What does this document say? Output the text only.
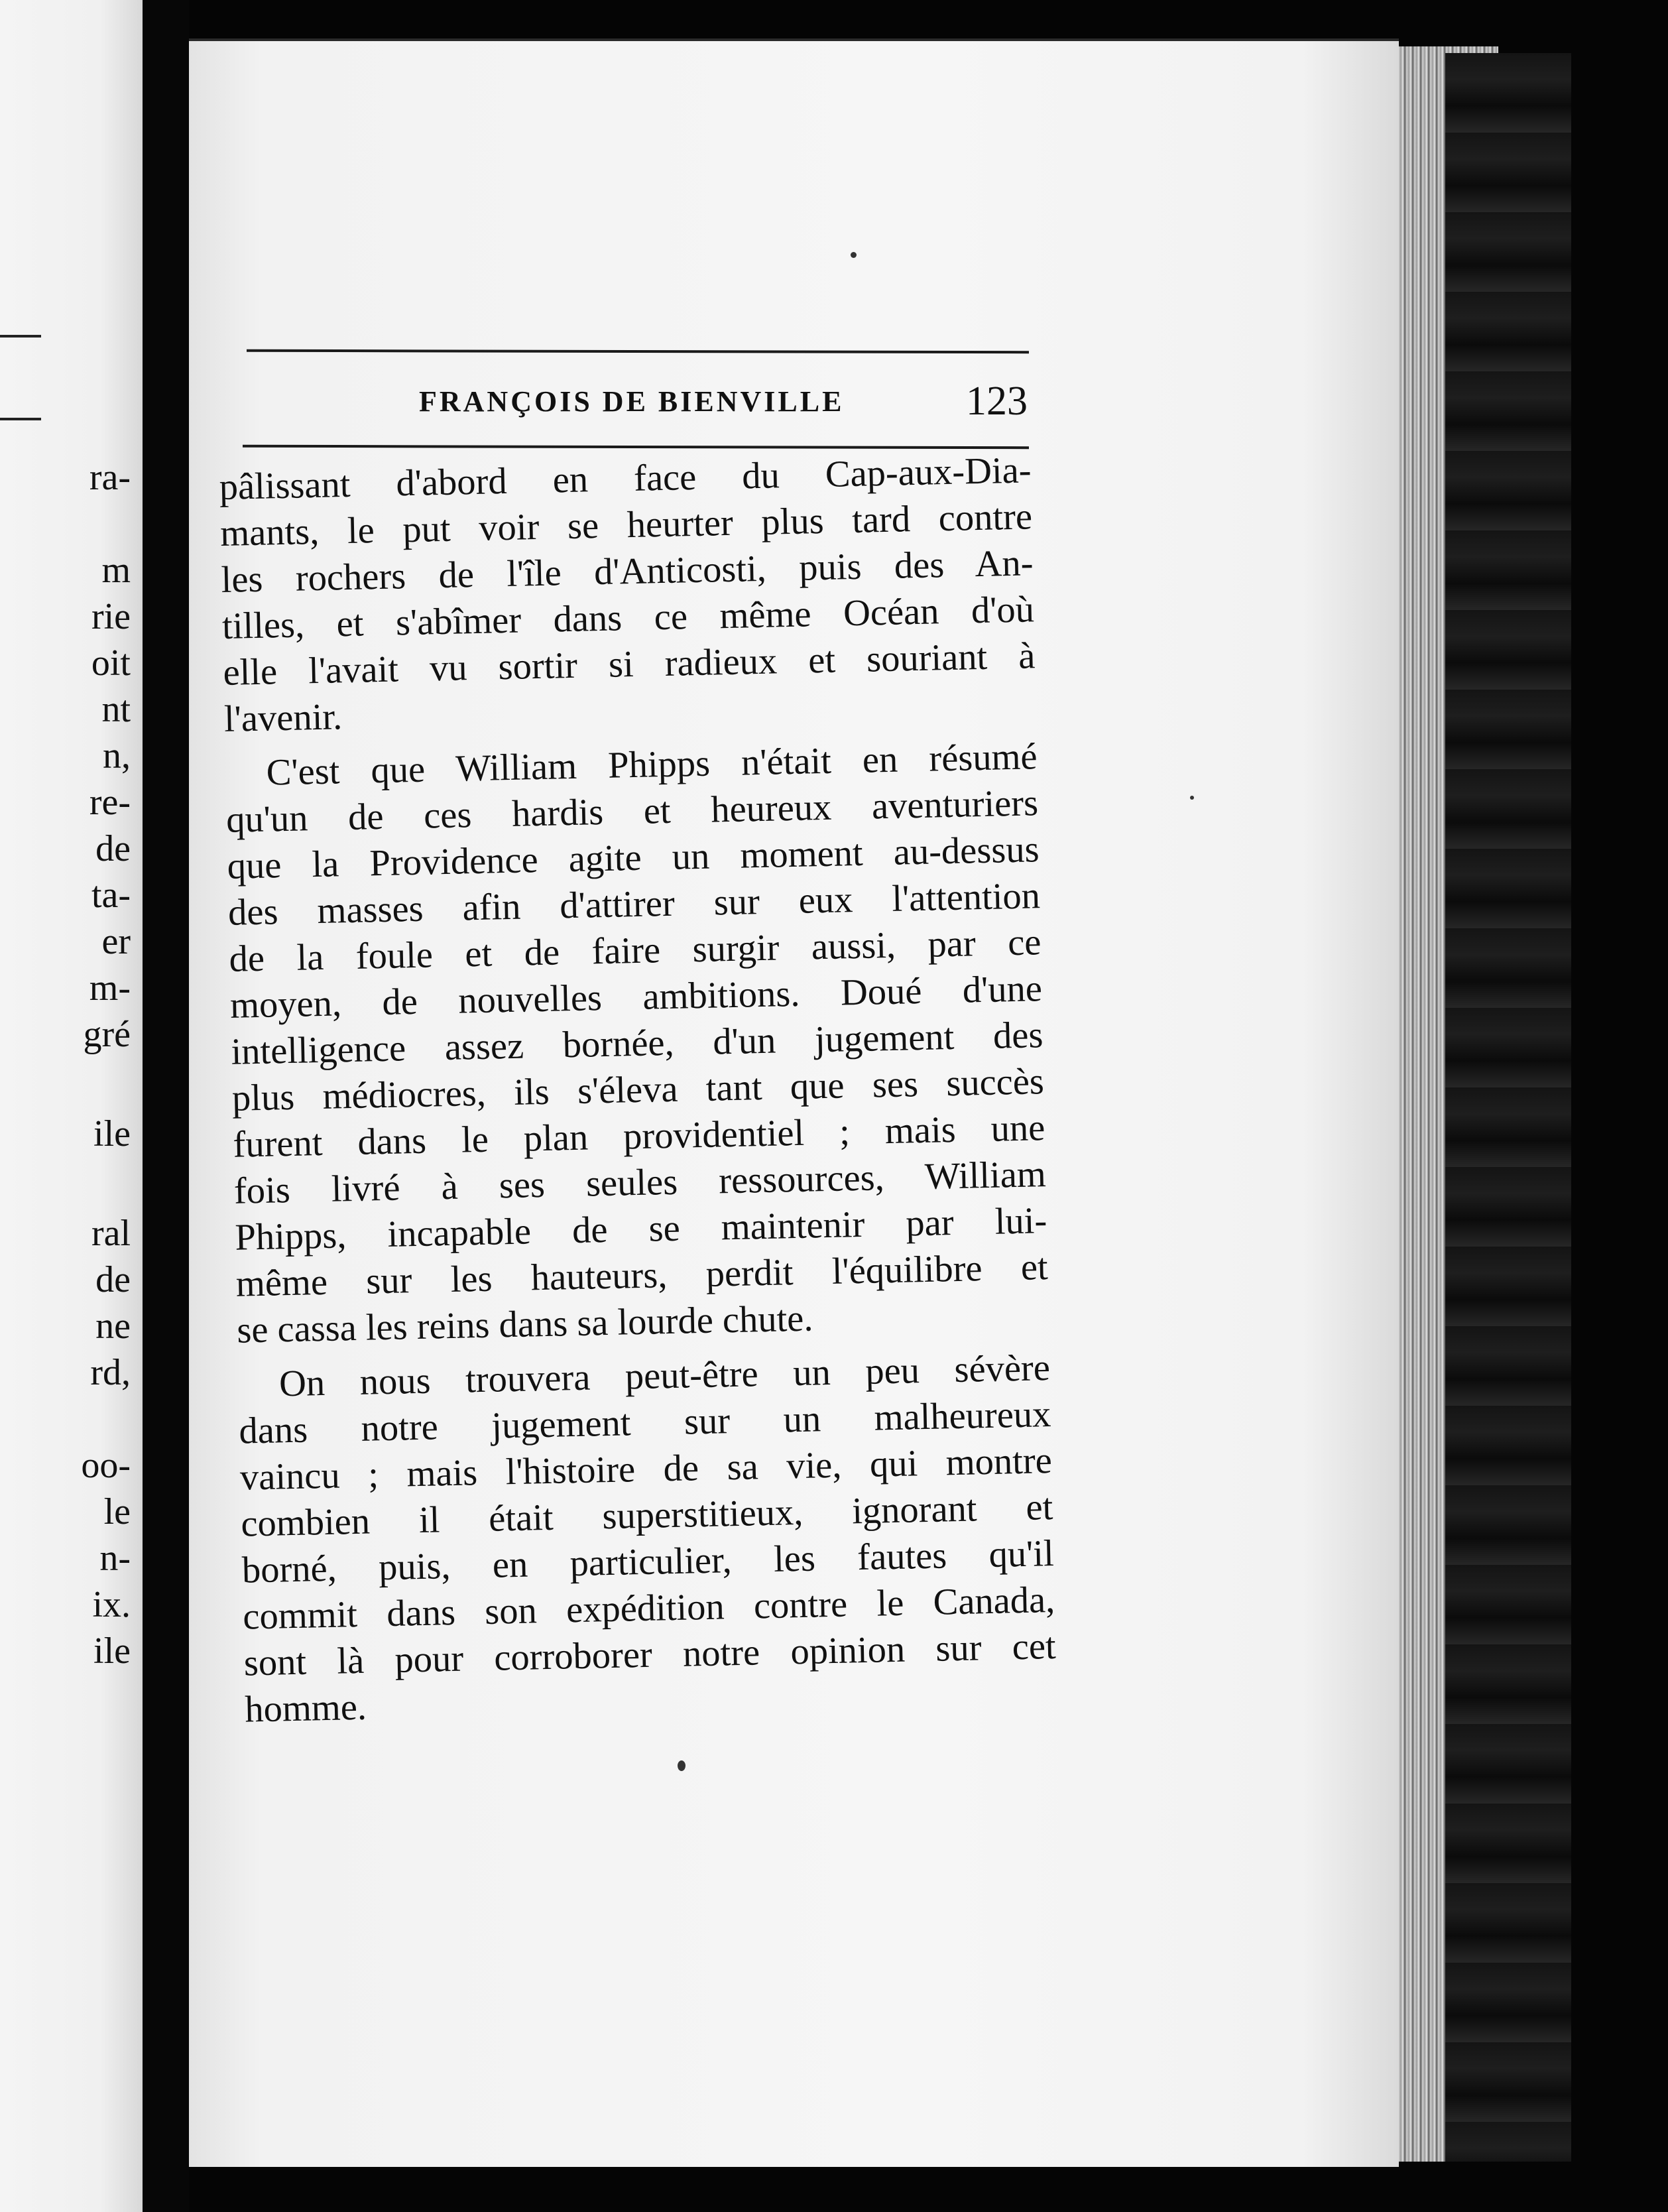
ra-
m
rie
oit
nt
n,
re-
de
ta-
er
m-
gré
ile
ral
de
ne
rd,
oo-
le
n-
ix.
ile
FRANÇOIS DE BIENVILLE	123

pâlissant d'abord en face du Cap-aux-Dia-
mants, le put voir se heurter plus tard contre
les rochers de l'île d'Anticosti, puis des An-
tilles, et s'abîmer dans ce même Océan d'où
elle l'avait vu sortir si radieux et souriant à
l'avenir.

C'est que William Phipps n'était en résumé
qu'un de ces hardis et heureux aventuriers
que la Providence agite un moment au-dessus
des masses afin d'attirer sur eux l'attention
de la foule et de faire surgir aussi, par ce
moyen, de nouvelles ambitions. Doué d'une
intelligence assez bornée, d'un jugement des
plus médiocres, ils s'éleva tant que ses succès
furent dans le plan providentiel ; mais une
fois livré à ses seules ressources, William
Phipps, incapable de se maintenir par lui-
même sur les hauteurs, perdit l'équilibre et
se cassa les reins dans sa lourde chute.

On nous trouvera peut-être un peu sévère
dans notre jugement sur un malheureux
vaincu ; mais l'histoire de sa vie, qui montre
combien il était superstitieux, ignorant et
borné, puis, en particulier, les fautes qu'il
commit dans son expédition contre le Canada,
sont là pour corroborer notre opinion sur cet
homme.
